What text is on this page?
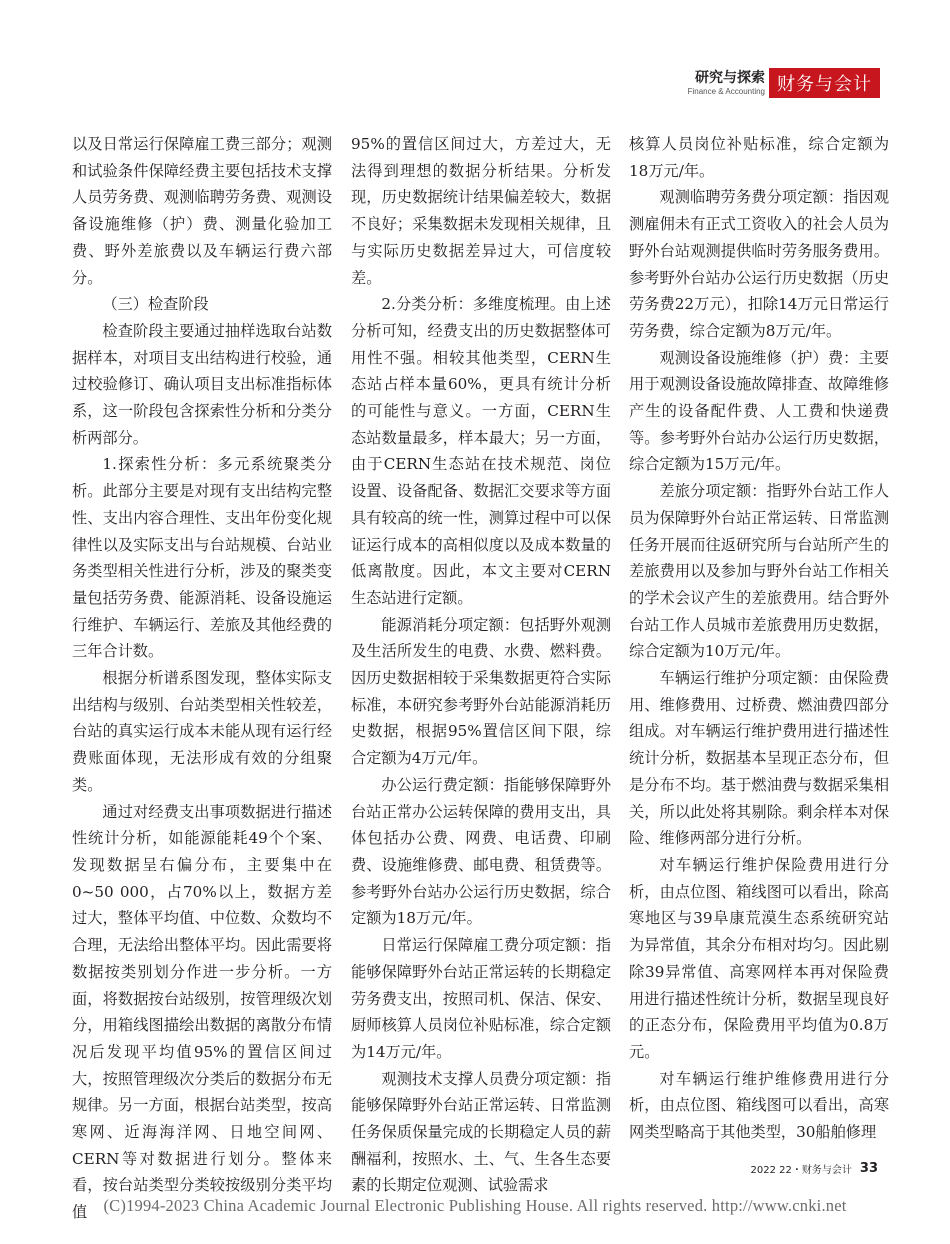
研究与探索
Finance & Accounting 财务与会计

以及日常运行保障雇工费三部分；观测和试验条件保障经费主要包括技术支撑人员劳务费、观测临聘劳务费、观测设备设施维修（护）费、测量化验加工费、野外差旅费以及车辆运行费六部分。

（三）检查阶段

检查阶段主要通过抽样选取台站数据样本，对项目支出结构进行校验，通过校验修订、确认项目支出标准指标体系，这一阶段包含探索性分析和分类分析两部分。

1.探索性分析：多元系统聚类分析。此部分主要是对现有支出结构完整性、支出内容合理性、支出年份变化规律性以及实际支出与台站规模、台站业务类型相关性进行分析，涉及的聚类变量包括劳务费、能源消耗、设备设施运行维护、车辆运行、差旅及其他经费的三年合计数。

根据分析谱系图发现，整体实际支出结构与级别、台站类型相关性较差，台站的真实运行成本未能从现有运行经费账面体现，无法形成有效的分组聚类。

通过对经费支出事项数据进行描述性统计分析，如能源能耗49个个案、发现数据呈右偏分布，主要集中在0~50 000，占70%以上，数据方差过大，整体平均值、中位数、众数均不合理，无法给出整体平均。因此需要将数据按类别划分作进一步分析。一方面，将数据按台站级别，按管理级次划分，用箱线图描绘出数据的离散分布情况后发现平均值95%的置信区间过大，按照管理级次分类后的数据分布无规律。另一方面，根据台站类型，按高寒网、近海海洋网、日地空间网、CERN等对数据进行划分。整体来看，按台站类型分类较按级别分类平均值

95%的置信区间过大，方差过大，无法得到理想的数据分析结果。分析发现，历史数据统计结果偏差较大，数据不良好；采集数据未发现相关规律，且与实际历史数据差异过大，可信度较差。

2.分类分析：多维度梳理。由上述分析可知，经费支出的历史数据整体可用性不强。相较其他类型，CERN生态站占样本量60%，更具有统计分析的可能性与意义。一方面，CERN生态站数量最多，样本最大；另一方面，由于CERN生态站在技术规范、岗位设置、设备配备、数据汇交要求等方面具有较高的统一性，测算过程中可以保证运行成本的高相似度以及成本数量的低离散度。因此，本文主要对CERN生态站进行定额。

能源消耗分项定额：包括野外观测及生活所发生的电费、水费、燃料费。因历史数据相较于采集数据更符合实际标准，本研究参考野外台站能源消耗历史数据，根据95%置信区间下限，综合定额为4万元/年。

办公运行费定额：指能够保障野外台站正常办公运转保障的费用支出，具体包括办公费、网费、电话费、印刷费、设施维修费、邮电费、租赁费等。参考野外台站办公运行历史数据，综合定额为18万元/年。

日常运行保障雇工费分项定额：指能够保障野外台站正常运转的长期稳定劳务费支出，按照司机、保洁、保安、厨师核算人员岗位补贴标准，综合定额为14万元/年。

观测技术支撑人员费分项定额：指能够保障野外台站正常运转、日常监测任务保质保量完成的长期稳定人员的薪酬福利，按照水、土、气、生各生态要素的长期定位观测、试验需求

核算人员岗位补贴标准，综合定额为18万元/年。

观测临聘劳务费分项定额：指因观测雇佣未有正式工资收入的社会人员为野外台站观测提供临时劳务服务费用。参考野外台站办公运行历史数据（历史劳务费22万元），扣除14万元日常运行劳务费，综合定额为8万元/年。

观测设备设施维修（护）费：主要用于观测设备设施故障排查、故障维修产生的设备配件费、人工费和快递费等。参考野外台站办公运行历史数据，综合定额为15万元/年。

差旅分项定额：指野外台站工作人员为保障野外台站正常运转、日常监测任务开展而往返研究所与台站所产生的差旅费用以及参加与野外台站工作相关的学术会议产生的差旅费用。结合野外台站工作人员城市差旅费用历史数据，综合定额为10万元/年。

车辆运行维护分项定额：由保险费用、维修费用、过桥费、燃油费四部分组成。对车辆运行维护费用进行描述性统计分析，数据基本呈现正态分布，但是分布不均。基于燃油费与数据采集相关，所以此处将其剔除。剩余样本对保险、维修两部分进行分析。

对车辆运行维护保险费用进行分析，由点位图、箱线图可以看出，除高寒地区与39阜康荒漠生态系统研究站为异常值，其余分布相对均匀。因此剔除39异常值、高寒网样本再对保险费用进行描述性统计分析，数据呈现良好的正态分布，保险费用平均值为0.8万元。

对车辆运行维护维修费用进行分析，由点位图、箱线图可以看出，高寒网类型略高于其他类型，30船舶修理

2022 22・财务与会计 33
(C)1994-2023 China Academic Journal Electronic Publishing House. All rights reserved. http://www.cnki.net
